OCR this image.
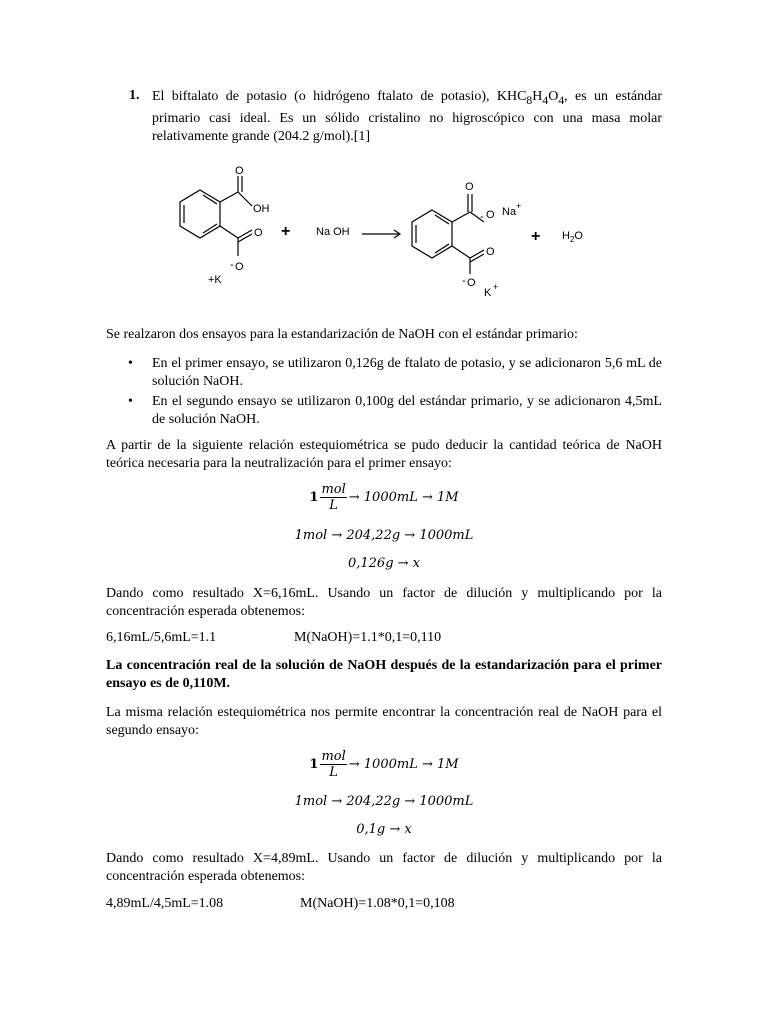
1. El biftalato de potasio (o hidrógeno ftalato de potasio), $KHC_8H_4O_4$, es un estándar primario casi ideal. Es un sólido cristalino no higroscópico con una masa molar relativamente grande (204.2 g/mol).[1]
O
OH
O
- O
+K
+ Na OH
O
- O Na +
O
- O
K +
+ $H_2O$
Se realzaron dos ensayos para la estandarización de NaOH con el estándar primario:
• En el primer ensayo, se utilizaron 0,126g de ftalato de potasio, y se adicionaron 5,6 mL de solución NaOH.
• En el segundo ensayo se utilizaron 0,100g del estándar primario, y se adicionaron 4,5mL de solución NaOH.
A partir de la siguiente relación estequiométrica se pudo deducir la cantidad teórica de NaOH teórica necesaria para la neutralización para el primer ensayo:
$1 \frac{\text{mol}}{L} \to 1000mL \to 1M$
1mol → 204,22g → 1000mL
0,126g → x
Dando como resultado X=6,16mL. Usando un factor de dilución y multiplicando por la concentración esperada obtenemos:
6,16mL/5,6mL=1.1	M(NaOH)=1.1*0,1=0,110
La concentración real de la solución de NaOH después de la estandarización para el primer ensayo es de 0,110M.
La misma relación estequiométrica nos permite encontrar la concentración real de NaOH para el segundo ensayo:
$1 \frac{\text{mol}}{L} \to 1000mL \to 1M$
1mol → 204,22g → 1000mL
0,1g → x
Dando como resultado X=4,89mL. Usando un factor de dilución y multiplicando por la concentración esperada obtenemos:
4,89mL/4,5mL=1.08	M(NaOH)=1.08*0,1=0,108
